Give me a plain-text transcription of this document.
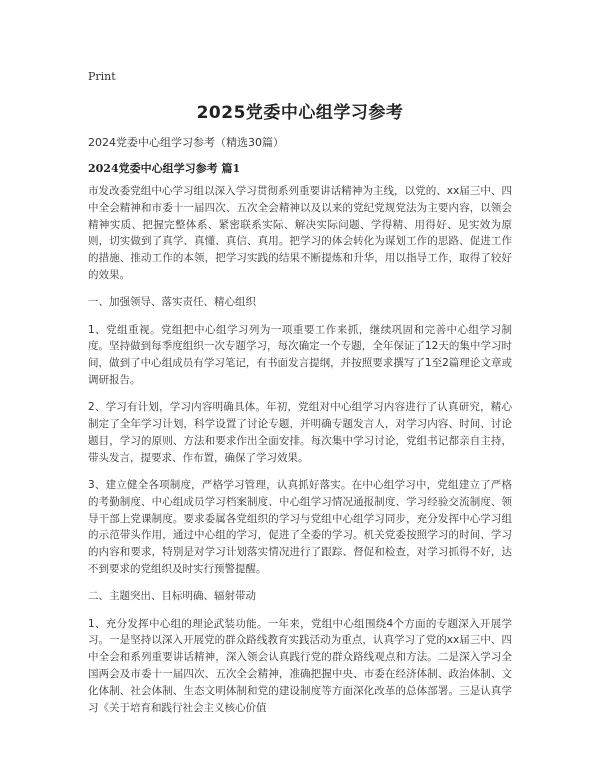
Print
2025党委中心组学习参考
2024党委中心组学习参考（精选30篇）
2024党委中心组学习参考 篇1

市发改委党组中心学习组以深入学习贯彻系列重要讲话精神为主线，以党的、xx届三中、四中全会精神和市委十一届四次、五次全会精神以及以来的党纪党规党法为主要内容，以领会精神实质、把握完整体系、紧密联系实际、解决实际问题、学得精、用得好、见实效为原则，切实做到了真学、真懂、真信、真用。把学习的体会转化为谋划工作的思路、促进工作的措施、推动工作的本领，把学习实践的结果不断提炼和升华，用以指导工作，取得了较好的效果。

一、加强领导、落实责任、精心组织

1、党组重视。党组把中心组学习列为一项重要工作来抓，继续巩固和完善中心组学习制度。坚持做到每季度组织一次专题学习，每次确定一个专题，全年保证了12天的集中学习时间，做到了中心组成员有学习笔记，有书面发言提纲，并按照要求撰写了1至2篇理论文章或调研报告。

2、学习有计划，学习内容明确具体。年初，党组对中心组学习内容进行了认真研究，精心制定了全年学习计划，科学设置了讨论专题，并明确专题发言人，对学习内容、时间、讨论题目，学习的原则、方法和要求作出全面安排。每次集中学习讨论，党组书记都亲自主持，带头发言，提要求、作布置，确保了学习效果。

3、建立健全各项制度，严格学习管理，认真抓好落实。在中心组学习中，党组建立了严格的考勤制度、中心组成员学习档案制度、中心组学习情况通报制度、学习经验交流制度、领导干部上党课制度。要求委属各党组织的学习与党组中心组学习同步，充分发挥中心学习组的示范带头作用，通过中心组的学习，促进了全委的学习。机关党委按照学习的时间、学习的内容和要求，特别是对学习计划落实情况进行了跟踪、督促和检查，对学习抓得不好，达不到要求的党组织及时实行预警提醒。

二、主题突出、目标明确、辐射带动

1、充分发挥中心组的理论武装功能。一年来，党组中心组围绕4个方面的专题深入开展学习。一是坚持以深入开展党的群众路线教育实践活动为重点，认真学习了党的xx届三中、四中全会和系列重要讲话精神，深入领会认真践行党的群众路线观点和方法。二是深入学习全国两会及市委十一届四次、五次全会精神，准确把握中央、市委在经济体制、政治体制、文化体制、社会体制、生态文明体制和党的建设制度等方面深化改革的总体部署。三是认真学习《关于培育和践行社会主义核心价值
